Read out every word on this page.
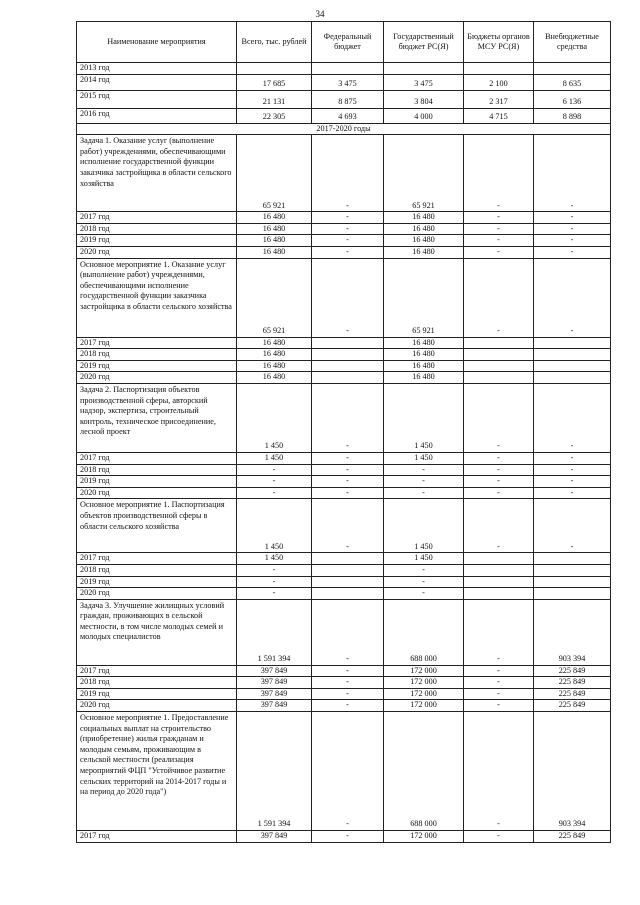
34
Наименование мероприятия	Всего, тыс. рублей	Федеральный бюджет	Государственный бюджет РС(Я)	Бюджеты органов МСУ РС(Я)	Внебюджетные средства
2013 год					
2014 год	17 685	3 475	3 475	2 100	8 635
2015 год	21 131	8 875	3 804	2 317	6 136
2016 год	22 305	4 693	4 000	4 715	8 898
2017-2020 годы					
Задача 1. Оказание услуг (выполнение работ) учреждениями, обеспечивающими исполнение государственной функции заказчика застройщика в области сельского хозяйства	65 921	-	65 921	-	-
2017 год	16 480	-	16 480	-	-
2018 год	16 480	-	16 480	-	-
2019 год	16 480	-	16 480	-	-
2020 год	16 480	-	16 480	-	-
Основное мероприятие 1. Оказание услуг (выполнение работ) учреждениями, обеспечивающими исполнение государственной функции заказчика застройщика в области сельского хозяйства	65 921	-	65 921	-	-
2017 год	16 480		16 480		
2018 год	16 480		16 480		
2019 год	16 480		16 480		
2020 год	16 480		16 480		
Задача 2. Паспортизация объектов производственной сферы, авторский надзор, экспертиза, строительный контроль, техническое присоединение, лесной проект	1 450	-	1 450	-	-
2017 год	1 450	-	1 450	-	-
2018 год	-	-	-	-	-
2019 год	-	-	-	-	-
2020 год	-	-	-	-	-
Основное мероприятие 1. Паспортизация объектов производственной сферы в области сельского хозяйства	1 450	-	1 450	-	-
2017 год	1 450		1 450		
2018 год	-		-		
2019 год	-		-		
2020 год	-		-		
Задача 3. Улучшение жилищных условий граждан, проживающих в сельской местности, в том числе молодых семей и молодых специалистов	1 591 394	-	688 000	-	903 394
2017 год	397 849	-	172 000	-	225 849
2018 год	397 849	-	172 000	-	225 849
2019 год	397 849	-	172 000	-	225 849
2020 год	397 849	-	172 000	-	225 849
Основное мероприятие 1. Предоставление социальных выплат на строительство (приобретение) жилья гражданам и молодым семьям, проживающим в сельской местности (реализация мероприятий ФЦП "Устойчивое развитие сельских территорий на 2014-2017 годы и на период до 2020 года")	1 591 394	-	688 000	-	903 394
2017 год	397 849	-	172 000	-	225 849
